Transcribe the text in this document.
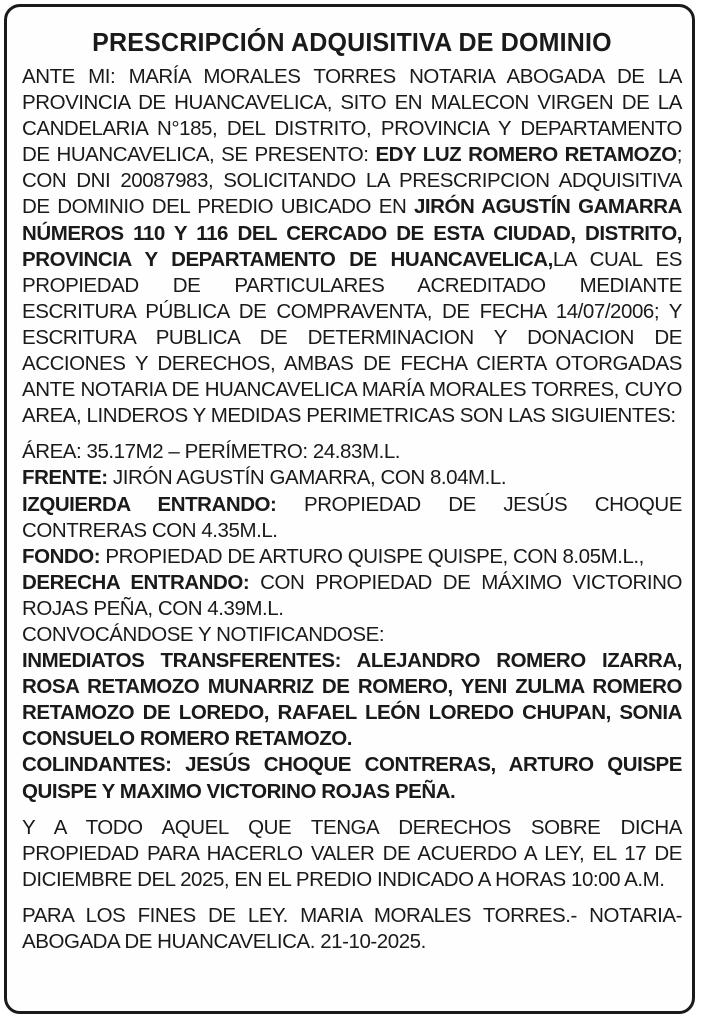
PRESCRIPCIÓN ADQUISITIVA DE DOMINIO

ANTE MI: MARÍA MORALES TORRES NOTARIA ABOGADA DE LA PROVINCIA DE HUANCAVELICA, SITO EN MALECON VIRGEN DE LA CANDELARIA N°185, DEL DISTRITO, PROVINCIA Y DEPARTAMENTO DE HUANCAVELICA, SE PRESENTO: EDY LUZ ROMERO RETAMOZO; CON DNI 20087983, SOLICITANDO LA PRESCRIPCION ADQUISITIVA DE DOMINIO DEL PREDIO UBICADO EN JIRÓN AGUSTÍN GAMARRA NÚMEROS 110 Y 116 DEL CERCADO DE ESTA CIUDAD, DISTRITO, PROVINCIA Y DEPARTAMENTO DE HUANCAVELICA,LA CUAL ES PROPIEDAD DE PARTICULARES ACREDITADO MEDIANTE ESCRITURA PÚBLICA DE COMPRAVENTA, DE FECHA 14/07/2006; Y ESCRITURA PUBLICA DE DETERMINACION Y DONACION DE ACCIONES Y DERECHOS, AMBAS DE FECHA CIERTA OTORGADAS ANTE NOTARIA DE HUANCAVELICA MARÍA MORALES TORRES, CUYO AREA, LINDEROS Y MEDIDAS PERIMETRICAS SON LAS SIGUIENTES:

ÁREA: 35.17M2 – PERÍMETRO: 24.83M.L.

FRENTE: JIRÓN AGUSTÍN GAMARRA, CON 8.04M.L.

IZQUIERDA ENTRANDO: PROPIEDAD DE JESÚS CHOQUE CONTRERAS CON 4.35M.L.

FONDO: PROPIEDAD DE ARTURO QUISPE QUISPE, CON 8.05M.L.,

DERECHA ENTRANDO: CON PROPIEDAD DE MÁXIMO VICTORINO ROJAS PEÑA, CON 4.39M.L.

CONVOCÁNDOSE Y NOTIFICANDOSE:

INMEDIATOS TRANSFERENTES: ALEJANDRO ROMERO IZARRA, ROSA RETAMOZO MUNARRIZ DE ROMERO, YENI ZULMA ROMERO RETAMOZO DE LOREDO, RAFAEL LEÓN LOREDO CHUPAN, SONIA CONSUELO ROMERO RETAMOZO.

COLINDANTES: JESÚS CHOQUE CONTRERAS, ARTURO QUISPE QUISPE Y MAXIMO VICTORINO ROJAS PEÑA.

Y A TODO AQUEL QUE TENGA DERECHOS SOBRE DICHA PROPIEDAD PARA HACERLO VALER DE ACUERDO A LEY, EL 17 DE DICIEMBRE DEL 2025, EN EL PREDIO INDICADO A HORAS 10:00 A.M.

PARA LOS FINES DE LEY. MARIA MORALES TORRES.- NOTARIA-ABOGADA DE HUANCAVELICA. 21-10-2025.
